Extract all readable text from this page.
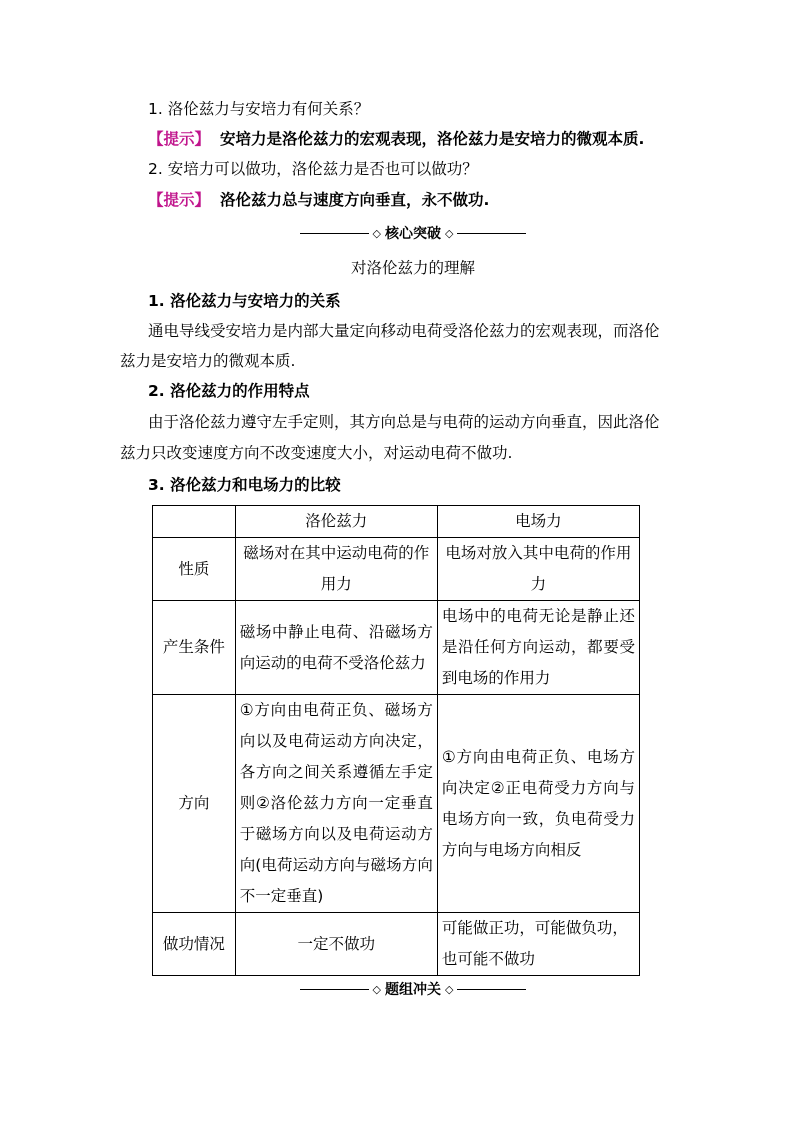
1. 洛伦兹力与安培力有何关系？
【提示】 安培力是洛伦兹力的宏观表现，洛伦兹力是安培力的微观本质.
2. 安培力可以做功，洛伦兹力是否也可以做功？
【提示】 洛伦兹力总与速度方向垂直，永不做功.
◇ 核心突破 ◇
对洛伦兹力的理解
1. 洛伦兹力与安培力的关系
通电导线受安培力是内部大量定向移动电荷受洛伦兹力的宏观表现，而洛伦
兹力是安培力的微观本质.
2. 洛伦兹力的作用特点
由于洛伦兹力遵守左手定则，其方向总是与电荷的运动方向垂直，因此洛伦
兹力只改变速度方向不改变速度大小，对运动电荷不做功.
3. 洛伦兹力和电场力的比较
	洛伦兹力	电场力
性质	磁场对在其中运动电荷的作用力	电场对放入其中电荷的作用力
产生条件	磁场中静止电荷、沿磁场方向运动的电荷不受洛伦兹力	电场中的电荷无论是静止还是沿任何方向运动，都要受到电场的作用力
方向	①方向由电荷正负、磁场方向以及电荷运动方向决定，各方向之间关系遵循左手定则②洛伦兹力方向一定垂直于磁场方向以及电荷运动方向(电荷运动方向与磁场方向不一定垂直)	①方向由电荷正负、电场方向决定②正电荷受力方向与电场方向一致，负电荷受力方向与电场方向相反
做功情况	一定不做功	可能做正功，可能做负功，也可能不做功
◇ 题组冲关 ◇
